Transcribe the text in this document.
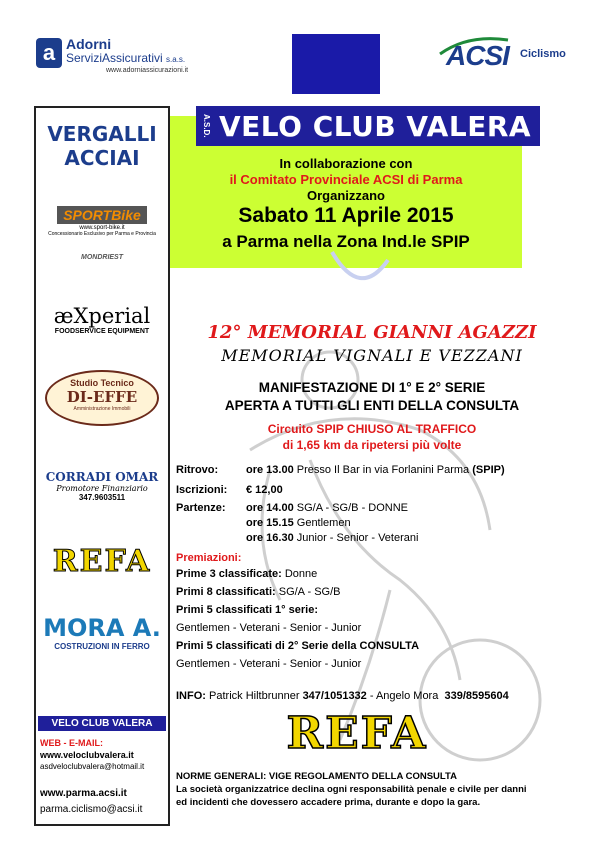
a Adorni
ServiziAssicurativi s.a.s.
www.adorniassicurazioni.it	ACSI Ciclismo
A.S.D. VELO CLUB VALERA
In collaborazione con
il Comitato Provinciale ACSI di Parma
Organizzano
Sabato 11 Aprile 2015
a Parma nella Zona Ind.le SPIP
12° MEMORIAL GIANNI AGAZZI
MEMORIAL VIGNALI E VEZZANI
MANIFESTAZIONE DI 1° E 2° SERIE
APERTA A TUTTI GLI ENTI DELLA CONSULTA
Circuito SPIP CHIUSO AL TRAFFICO
di 1,65 km da ripetersi più volte
Ritrovo:	ore 13.00 Presso Il Bar in via Forlanini Parma (SPIP)
Iscrizioni: € 12,00
Partenze: ore 14.00 SG/A - SG/B - DONNE
ore 15.15 Gentlemen
ore 16.30 Junior - Senior - Veterani
Premiazioni:
Prime 3 classificate: Donne
Primi 8 classificati: SG/A - SG/B
Primi 5 classificati 1° serie:
Gentlemen - Veterani - Senior - Junior
Primi 5 classificati di 2° Serie della CONSULTA
Gentlemen - Veterani - Senior - Junior
INFO: Patrick Hiltbrunner 347/1051332 - Angelo Mora 339/8595604
REFA
NORME GENERALI: VIGE REGOLAMENTO DELLA CONSULTA
La società organizzatrice declina ogni responsabilità penale e civile per danni
ed incidenti che dovessero accadere prima, durante e dopo la gara.
VERGALLI
ACCIAI
SPORTBike
www.sport-bike.it
Concessionario Esclusivo per Parma e Provincia
MONDRIEST
æXperial
FOODSERVICE EQUIPMENT
Studio Tecnico
DI-EFFE
Amministrazione Immobili
CORRADI OMAR
Promotore Finanziario
347.9603511
REFA
MORA A.
COSTRUZIONI IN FERRO
VELO CLUB VALERA
WEB - E-MAIL:
www.veloclubvalera.it
asdveloclubvalera@hotmail.it
www.parma.acsi.it
parma.ciclismo@acsi.it
